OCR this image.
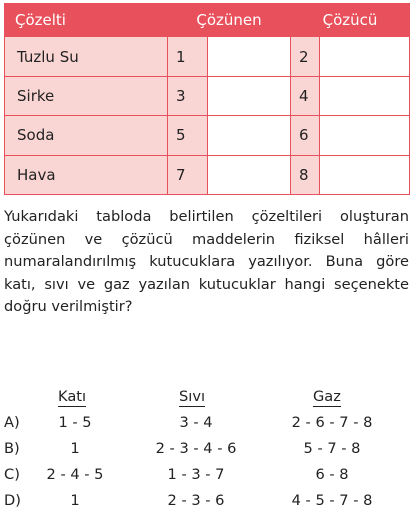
Çözelti	Çözünen		Çözücü	
Tuzlu Su	1		2	
Sirke	3		4	
Soda	5		6	
Hava	7		8	

Yukarıdaki tabloda belirtilen çözeltileri oluşturan çözünen ve çözücü maddelerin fiziksel hâlleri numaralandırılmış kutucuklara yazılıyor. Buna göre katı, sıvı ve gaz yazılan kutucuklar hangi seçenekte doğru verilmiştir?

Katı	Sıvı	Gaz
A)	1 - 5	3 - 4	2 - 6 - 7 - 8
B)	1	2 - 3 - 4 - 6	5 - 7 - 8
C)	2 - 4 - 5	1 - 3 - 7	6 - 8
D)	1	2 - 3 - 6	4 - 5 - 7 - 8
